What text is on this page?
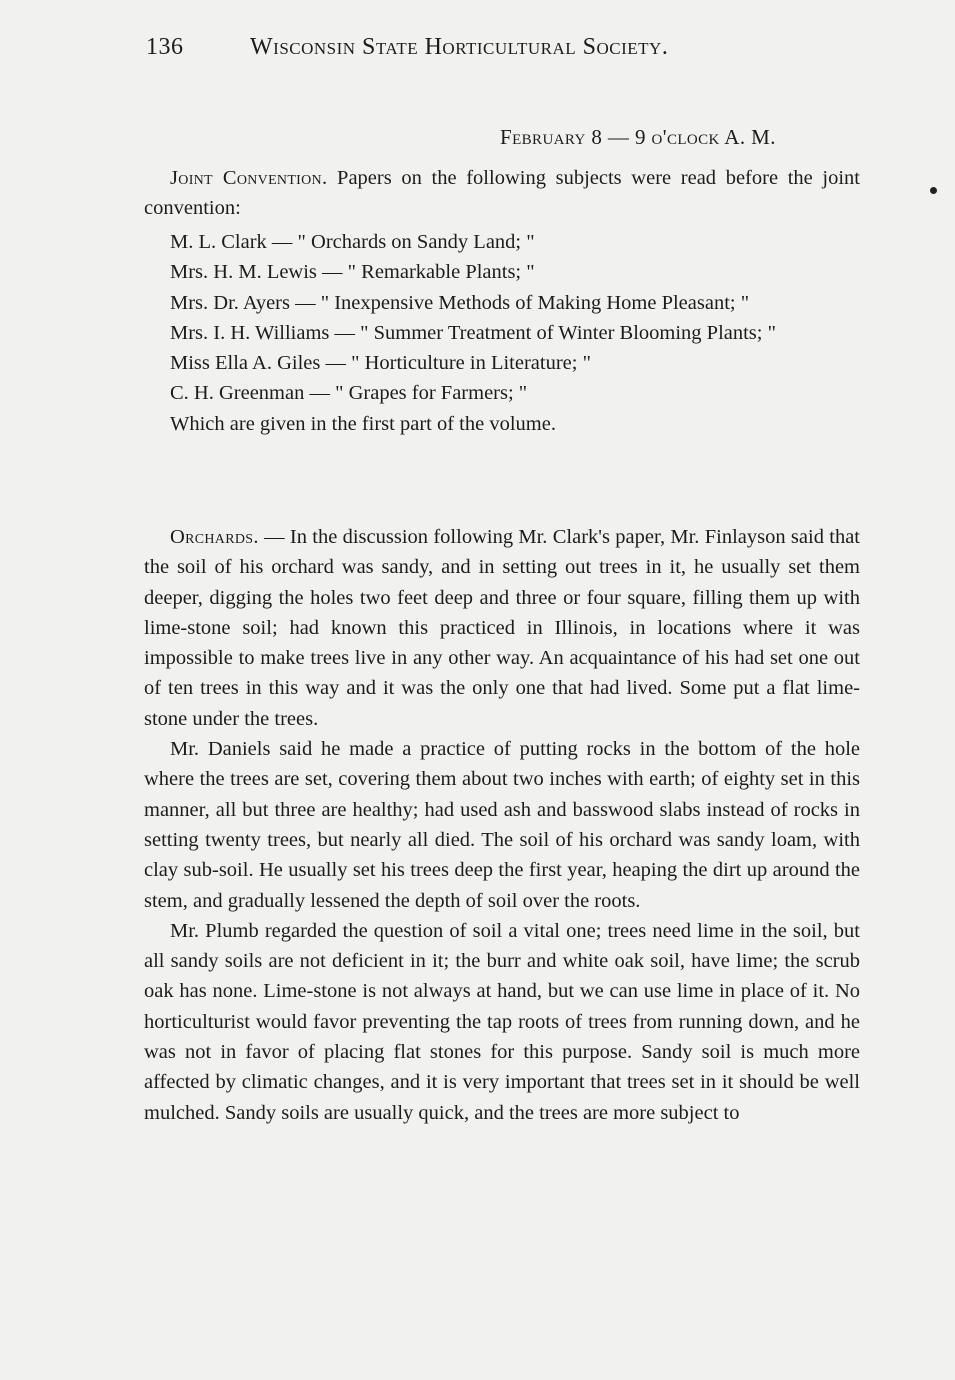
136	Wisconsin State Horticultural Society.
February 8 — 9 o'clock A. M.

Joint Convention. Papers on the following subjects were read before the joint convention:

M. L. Clark — " Orchards on Sandy Land; "

Mrs. H. M. Lewis — " Remarkable Plants; "

Mrs. Dr. Ayers — " Inexpensive Methods of Making Home Pleasant; "

Mrs. I. H. Williams — " Summer Treatment of Winter Blooming Plants; "

Miss Ella A. Giles — " Horticulture in Literature; "

C. H. Greenman — " Grapes for Farmers; "

Which are given in the first part of the volume.

Orchards. — In the discussion following Mr. Clark's paper, Mr. Finlayson said that the soil of his orchard was sandy, and in setting out trees in it, he usually set them deeper, digging the holes two feet deep and three or four square, filling them up with lime-stone soil; had known this practiced in Illinois, in locations where it was impossible to make trees live in any other way. An acquaintance of his had set one out of ten trees in this way and it was the only one that had lived. Some put a flat lime-stone under the trees.

Mr. Daniels said he made a practice of putting rocks in the bottom of the hole where the trees are set, covering them about two inches with earth; of eighty set in this manner, all but three are healthy; had used ash and basswood slabs instead of rocks in setting twenty trees, but nearly all died. The soil of his orchard was sandy loam, with clay sub-soil. He usually set his trees deep the first year, heaping the dirt up around the stem, and gradually lessened the depth of soil over the roots.

Mr. Plumb regarded the question of soil a vital one; trees need lime in the soil, but all sandy soils are not deficient in it; the burr and white oak soil, have lime; the scrub oak has none. Lime-stone is not always at hand, but we can use lime in place of it. No horticulturist would favor preventing the tap roots of trees from running down, and he was not in favor of placing flat stones for this purpose. Sandy soil is much more affected by climatic changes, and it is very important that trees set in it should be well mulched. Sandy soils are usually quick, and the trees are more subject to
